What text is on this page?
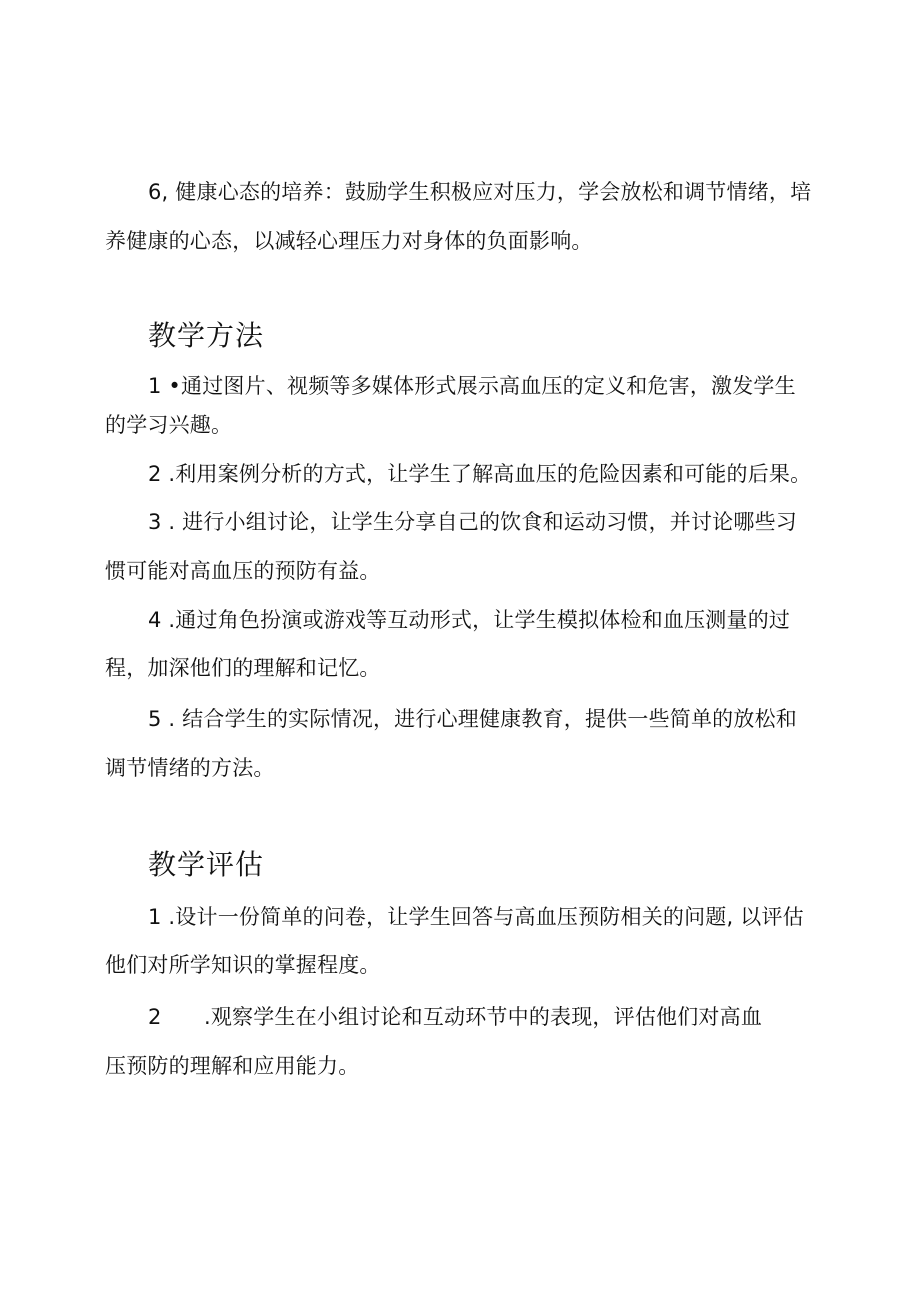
6, 健康心态的培养：鼓励学生积极应对压力，学会放松和调节情绪，培
养健康的心态，以减轻心理压力对身体的负面影响。
教学方法
1 •通过图片、视频等多媒体形式展示高血压的定义和危害，激发学生
的学习兴趣。
2 .利用案例分析的方式，让学生了解高血压的危险因素和可能的后果。
3 . 进行小组讨论，让学生分享自己的饮食和运动习惯，并讨论哪些习
惯可能对高血压的预防有益。
4 .通过角色扮演或游戏等互动形式，让学生模拟体检和血压测量的过
程，加深他们的理解和记忆。
5 . 结合学生的实际情况，进行心理健康教育，提供一些简单的放松和
调节情绪的方法。
教学评估
1 .设计一份简单的问卷，让学生回答与高血压预防相关的问题, 以评估
他们对所学知识的掌握程度。
2　　.观察学生在小组讨论和互动环节中的表现，评估他们对高血
压预防的理解和应用能力。
